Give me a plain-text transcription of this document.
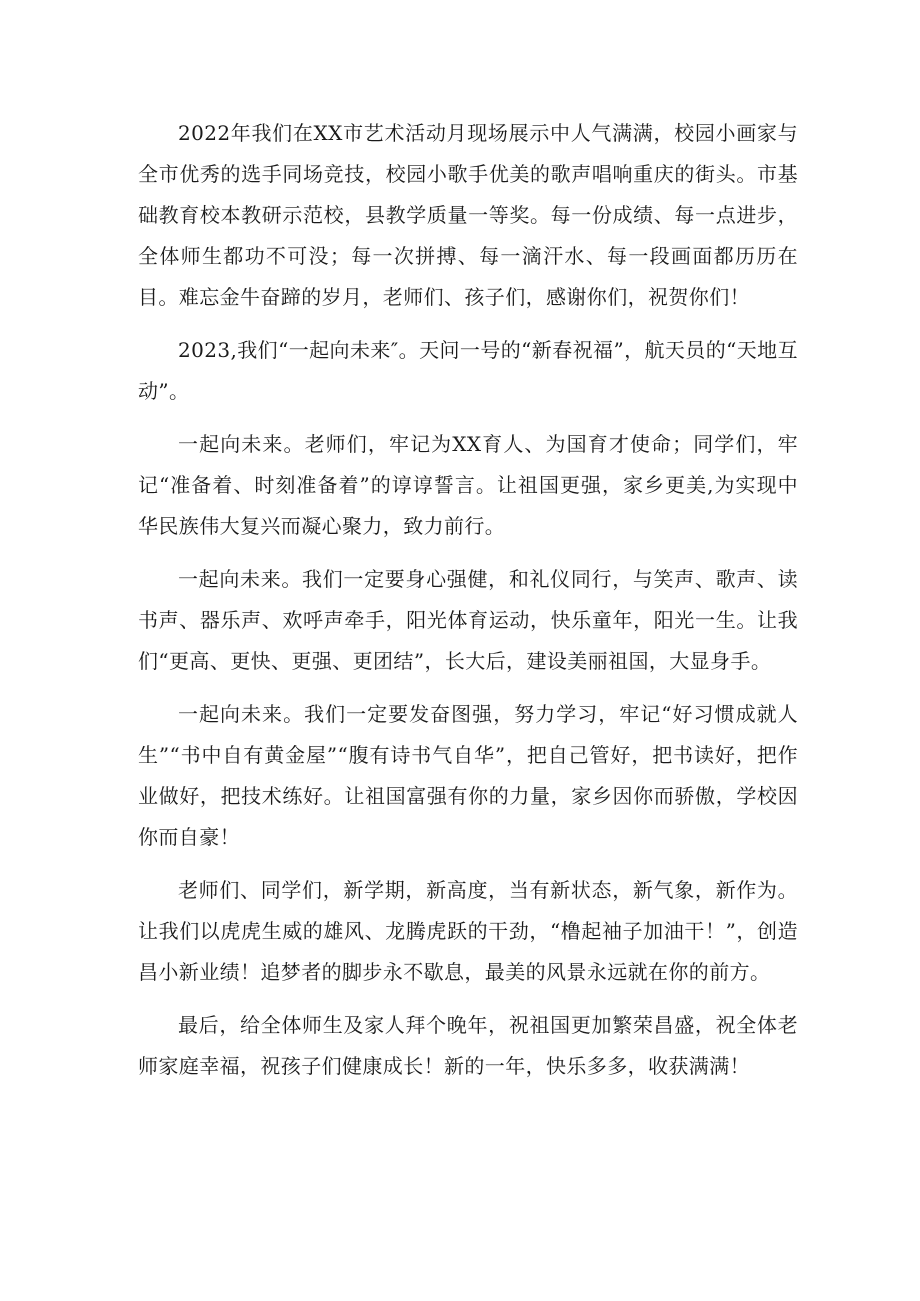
2022年我们在XX市艺术活动月现场展示中人气满满，校园小画家与全市优秀的选手同场竞技，校园小歌手优美的歌声唱响重庆的街头。市基础教育校本教研示范校，县教学质量一等奖。每一份成绩、每一点进步，全体师生都功不可没；每一次拼搏、每一滴汗水、每一段画面都历历在目。难忘金牛奋蹄的岁月，老师们、孩子们，感谢你们，祝贺你们！

2023,我们“一起向未来″。天问一号的“新春祝福”，航天员的“天地互动”。

一起向未来。老师们，牢记为XX育人、为国育才使命；同学们，牢记“准备着、时刻准备着”的谆谆誓言。让祖国更强，家乡更美,为实现中华民族伟大复兴而凝心聚力，致力前行。

一起向未来。我们一定要身心强健，和礼仪同行，与笑声、歌声、读书声、器乐声、欢呼声牵手，阳光体育运动，快乐童年，阳光一生。让我们“更高、更快、更强、更团结”，长大后，建设美丽祖国，大显身手。

一起向未来。我们一定要发奋图强，努力学习，牢记“好习惯成就人生”“书中自有黄金屋”“腹有诗书气自华”，把自己管好，把书读好，把作业做好，把技术练好。让祖国富强有你的力量，家乡因你而骄傲，学校因你而自豪！

老师们、同学们，新学期，新高度，当有新状态，新气象，新作为。让我们以虎虎生威的雄风、龙腾虎跃的干劲，“橹起袖子加油干！”，创造昌小新业绩！追梦者的脚步永不歇息，最美的风景永远就在你的前方。

最后，给全体师生及家人拜个晚年，祝祖国更加繁荣昌盛，祝全体老师家庭幸福，祝孩子们健康成长！新的一年，快乐多多，收获满满！
